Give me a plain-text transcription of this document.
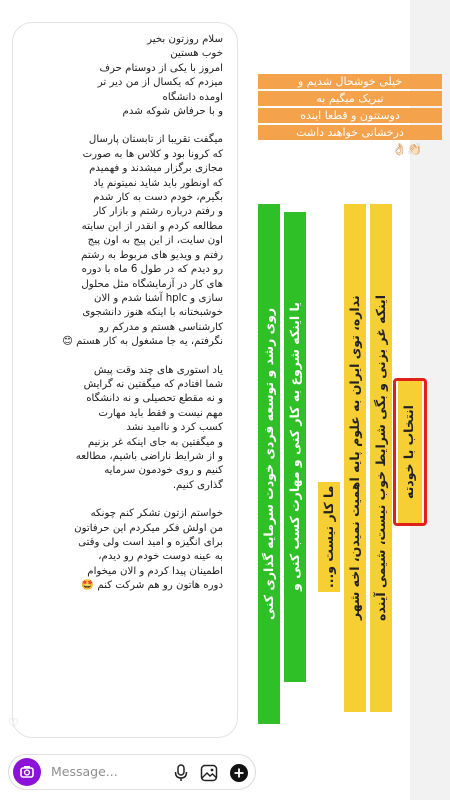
سلام روزتون بخیر
خوب هستین
امروز با یکی از دوستام حرف
میزدم که یکسال از من دیر تر
اومده دانشگاه
و با حرفاش شوکه شدم

میگفت تقریبا از تابستان پارسال
که کرونا بود و کلاس ها به صورت
مجازی برگزار میشدند و فهمیدم
که اونطور باید شاید نمیتونم یاد
بگیرم، خودم دست به کار شدم
و رفتم درباره رشتم و بازار کار
مطالعه کردم و انقدر از این سایته
اون سایت، از این پیج به اون پیج
رفتم و ویدیو های مربوط به رشتم
رو دیدم که در طول 6 ماه با دوره
های کار در آزمایشگاه مثل محلول
سازی و hplc آشنا شدم و الان
خوشبختانه با اینکه هنوز دانشجوی
کارشناسی هستم و مدرکم رو
نگرفتم، یه جا مشغول به کار هستم 😊

یاد استوری های چند وقت پیش
شما افتادم که میگفتین نه گرایش
و نه مقطع تحصیلی و نه دانشگاه
مهم نیست و فقط باید مهارت
کسب کرد و ناامید نشد
و میگفتین به جای اینکه غر بزنیم
و از شرایط ناراضی باشیم، مطالعه
کنیم و روی خودمون سرمایه
گذاری کنیم.

خواستم ازتون تشکر کنم چونکه
من اولش فکر میکردم این حرفاتون
برای انگیزه و امید است ولی وقتی
به عینه دوست خودم رو دیدم،
اطمینان پیدا کردم و الان میخوام
دوره هاتون رو هم شرکت کنم 🤩

♡
خیلی خوشحال شدیم و
تبریک میگیم به
دوستتون و قطعا اینده
درخشانی خواهند داشت
👏🏻👌🏻
روی رشد و توسعه فردی خودت سرمایه گذاری کنی یا اینکه شروع به کار کنی و مهارت کسب کنی و	ما کار نیست و... نداره، توی ایران به علوم پایه اهمیت نمیدن، اخه شهر اینکه غر بزنی و بگی شرایط خوب نیست، شیمی آینده	انتخاب با خودته
Message...
